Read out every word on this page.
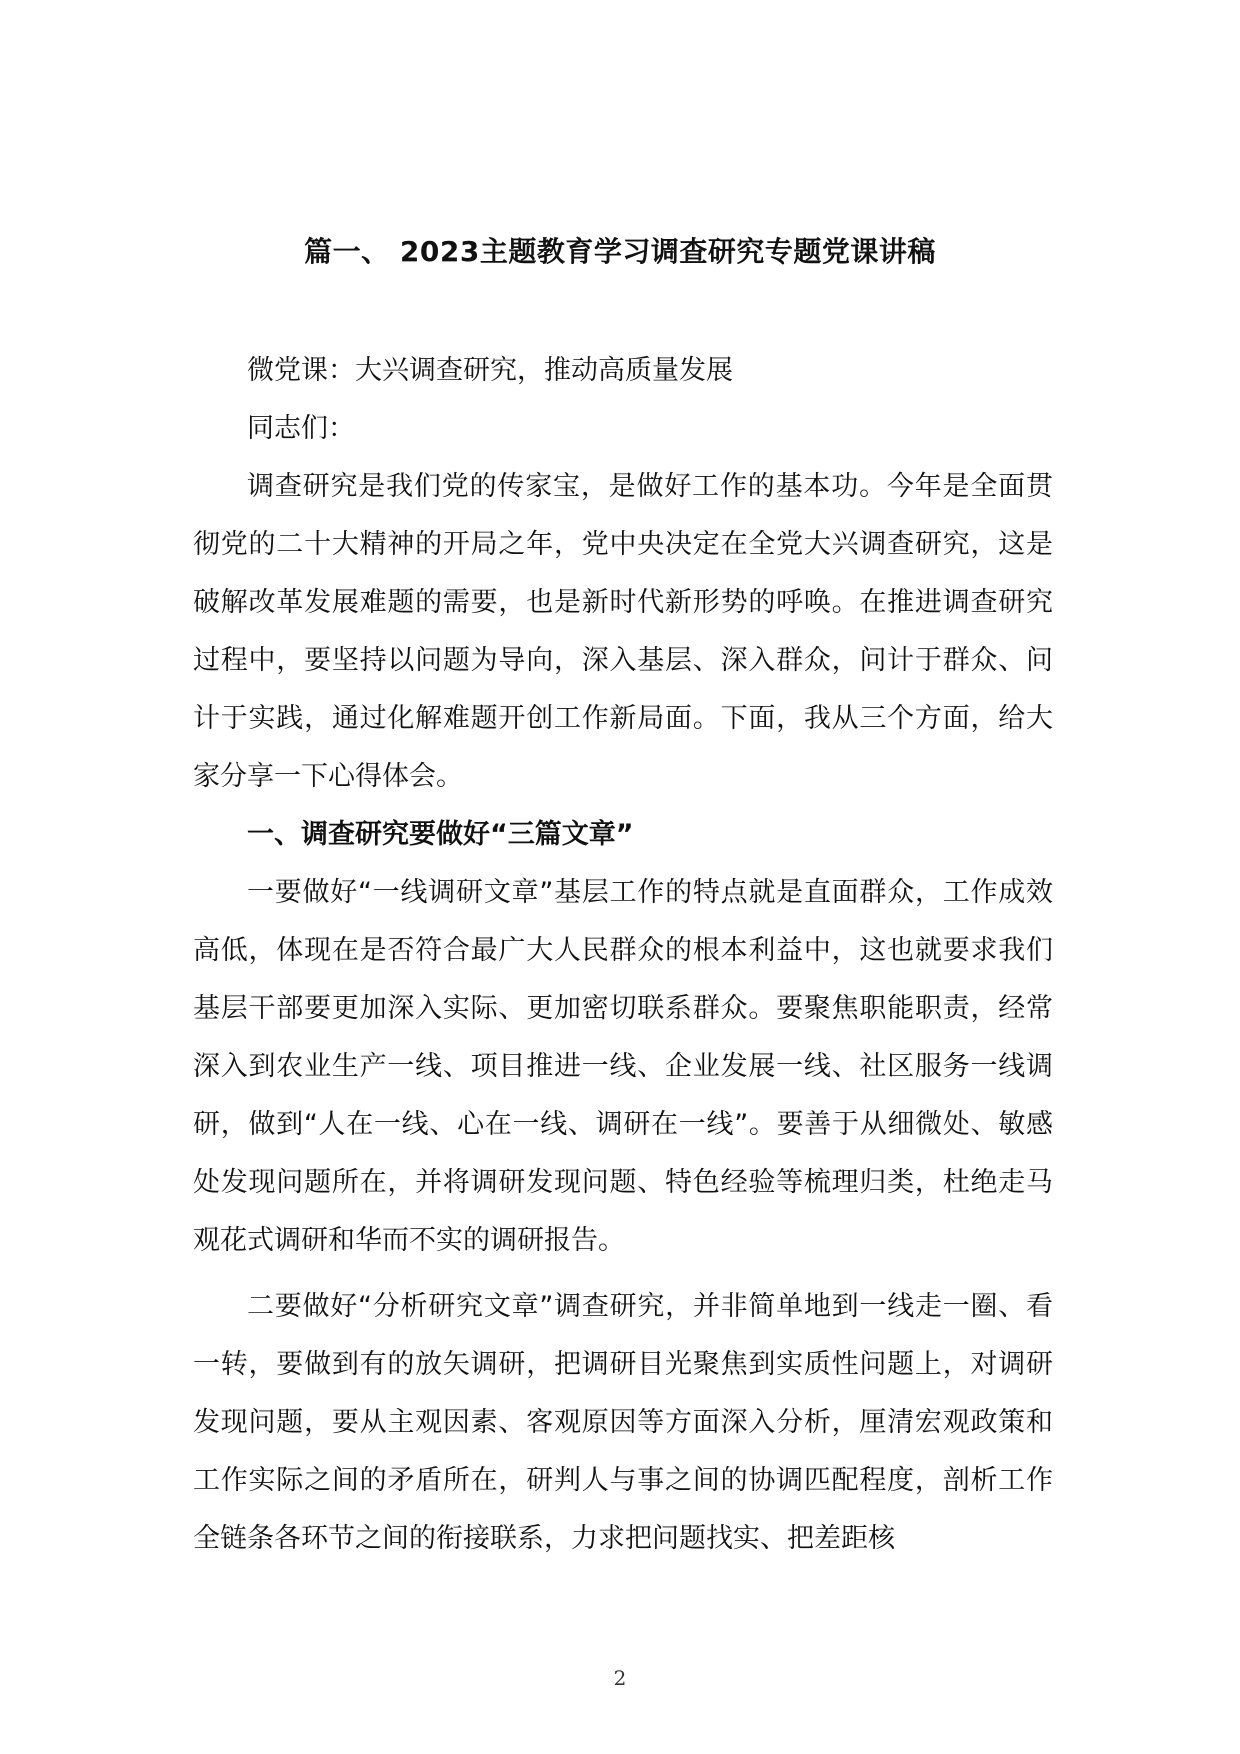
篇一、 2023主题教育学习调查研究专题党课讲稿

微党课：大兴调查研究，推动高质量发展

同志们：

调查研究是我们党的传家宝，是做好工作的基本功。今年是全面贯彻党的二十大精神的开局之年，党中央决定在全党大兴调查研究，这是破解改革发展难题的需要，也是新时代新形势的呼唤。在推进调查研究过程中，要坚持以问题为导向，深入基层、深入群众，问计于群众、问计于实践，通过化解难题开创工作新局面。下面，我从三个方面，给大家分享一下心得体会。

一、调查研究要做好“三篇文章”

一要做好“一线调研文章”基层工作的特点就是直面群众，工作成效高低，体现在是否符合最广大人民群众的根本利益中，这也就要求我们基层干部要更加深入实际、更加密切联系群众。要聚焦职能职责，经常深入到农业生产一线、项目推进一线、企业发展一线、社区服务一线调研，做到“人在一线、心在一线、调研在一线”。要善于从细微处、敏感处发现问题所在，并将调研发现问题、特色经验等梳理归类，杜绝走马观花式调研和华而不实的调研报告。

二要做好“分析研究文章”调查研究，并非简单地到一线走一圈、看一转，要做到有的放矢调研，把调研目光聚焦到实质性问题上，对调研发现问题，要从主观因素、客观原因等方面深入分析，厘清宏观政策和工作实际之间的矛盾所在，研判人与事之间的协调匹配程度，剖析工作全链条各环节之间的衔接联系，力求把问题找实、把差距核

2
